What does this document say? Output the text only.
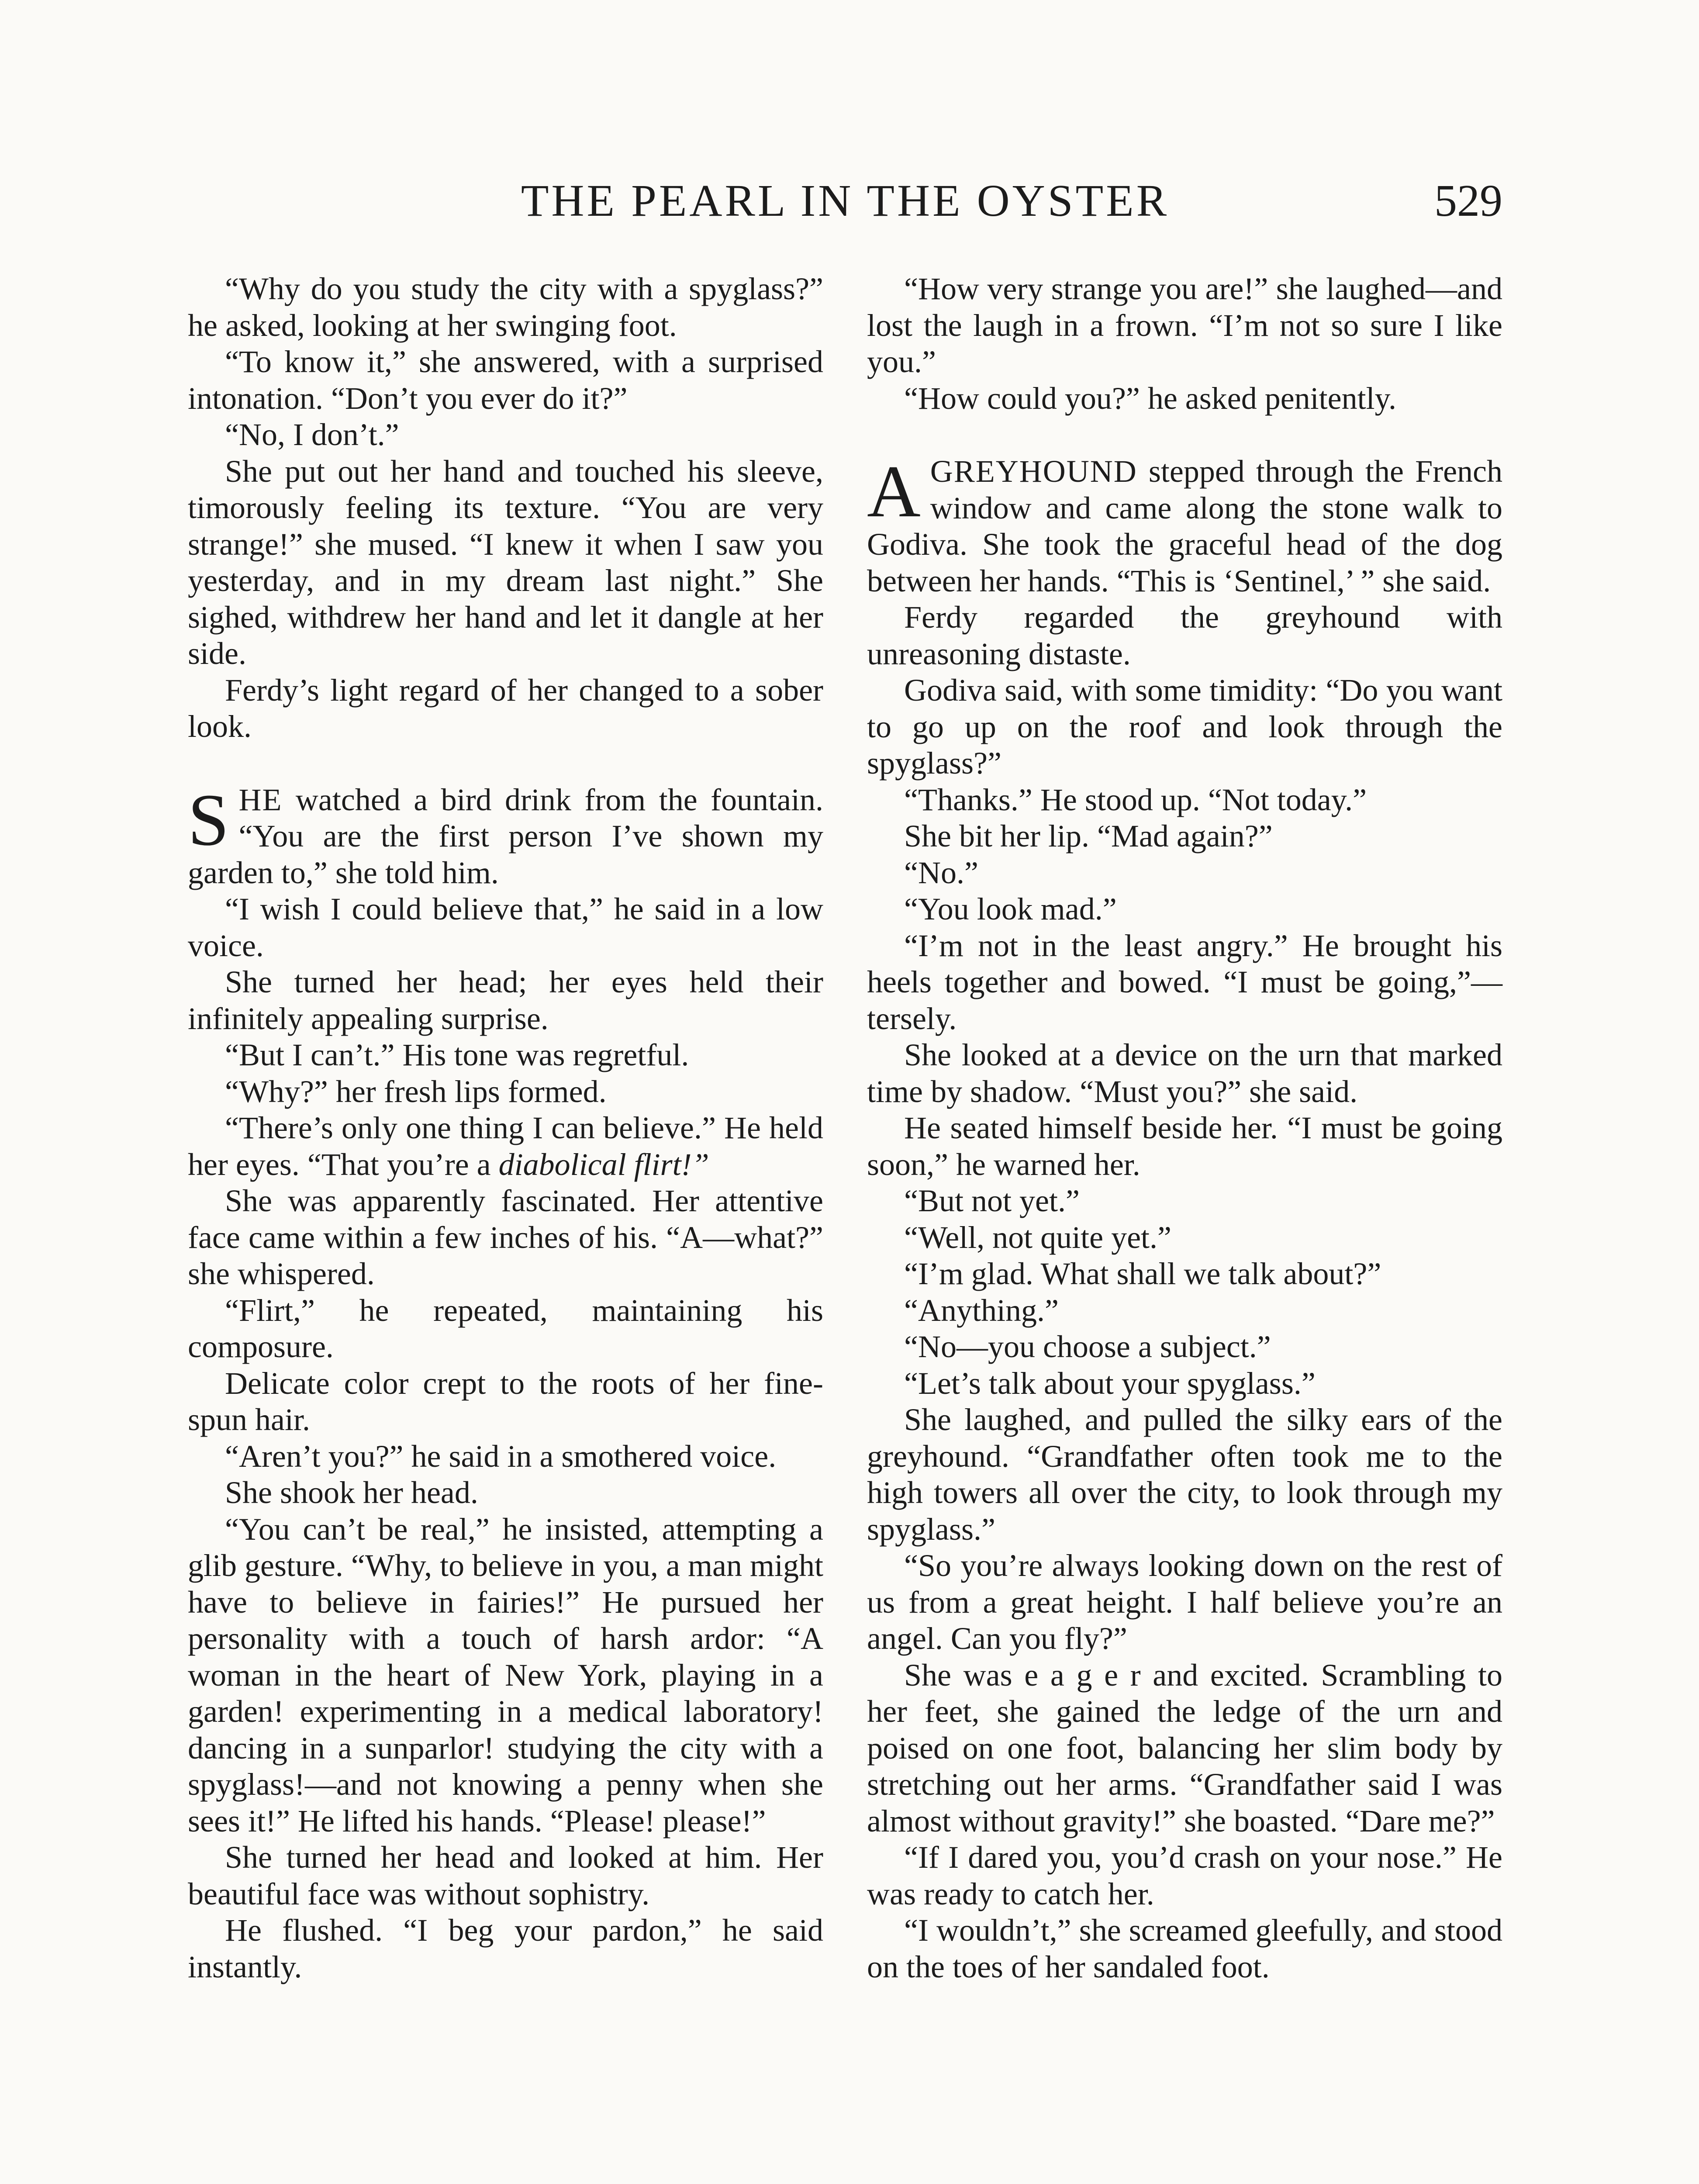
THE PEARL IN THE OYSTER	529

“Why do you study the city with a spyglass?” he asked, looking at her swinging foot.

“To know it,” she answered, with a surprised intonation. “Don’t you ever do it?”

“No, I don’t.”

She put out her hand and touched his sleeve, timorously feeling its texture. “You are very strange!” she mused. “I knew it when I saw you yesterday, and in my dream last night.” She sighed, withdrew her hand and let it dangle at her side.

Ferdy’s light regard of her changed to a sober look.

SHE watched a bird drink from the fountain. “You are the first person I’ve shown my garden to,” she told him.

“I wish I could believe that,” he said in a low voice.

She turned her head; her eyes held their infinitely appealing surprise.

“But I can’t.” His tone was regretful.

“Why?” her fresh lips formed.

“There’s only one thing I can believe.” He held her eyes. “That you’re a diabolical flirt!”

She was apparently fascinated. Her attentive face came within a few inches of his. “A—what?” she whispered.

“Flirt,” he repeated, maintaining his composure.

Delicate color crept to the roots of her fine-spun hair.

“Aren’t you?” he said in a smothered voice.

She shook her head.

“You can’t be real,” he insisted, attempting a glib gesture. “Why, to believe in you, a man might have to believe in fairies!” He pursued her personality with a touch of harsh ardor: “A woman in the heart of New York, playing in a garden! experimenting in a medical laboratory! dancing in a sunparlor! studying the city with a spyglass!—and not knowing a penny when she sees it!” He lifted his hands. “Please! please!”

She turned her head and looked at him. Her beautiful face was without sophistry.

He flushed. “I beg your pardon,” he said instantly.

“How very strange you are!” she laughed—and lost the laugh in a frown. “I’m not so sure I like you.”

“How could you?” he asked penitently.

AGREYHOUND stepped through the French window and came along the stone walk to Godiva. She took the graceful head of the dog between her hands. “This is ‘Sentinel,’ ” she said.

Ferdy regarded the greyhound with unreasoning distaste.

Godiva said, with some timidity: “Do you want to go up on the roof and look through the spyglass?”

“Thanks.” He stood up. “Not today.”

She bit her lip. “Mad again?”

“No.”

“You look mad.”

“I’m not in the least angry.” He brought his heels together and bowed. “I must be going,”—tersely.

She looked at a device on the urn that marked time by shadow. “Must you?” she said.

He seated himself beside her. “I must be going soon,” he warned her.

“But not yet.”

“Well, not quite yet.”

“I’m glad. What shall we talk about?”

“Anything.”

“No—you choose a subject.”

“Let’s talk about your spyglass.”

She laughed, and pulled the silky ears of the greyhound. “Grandfather often took me to the high towers all over the city, to look through my spyglass.”

“So you’re always looking down on the rest of us from a great height. I half believe you’re an angel. Can you fly?”

She was e a g e r and excited. Scrambling to her feet, she gained the ledge of the urn and poised on one foot, balancing her slim body by stretching out her arms. “Grandfather said I was almost without gravity!” she boasted. “Dare me?”

“If I dared you, you’d crash on your nose.” He was ready to catch her.

“I wouldn’t,” she screamed gleefully, and stood on the toes of her sandaled foot.
